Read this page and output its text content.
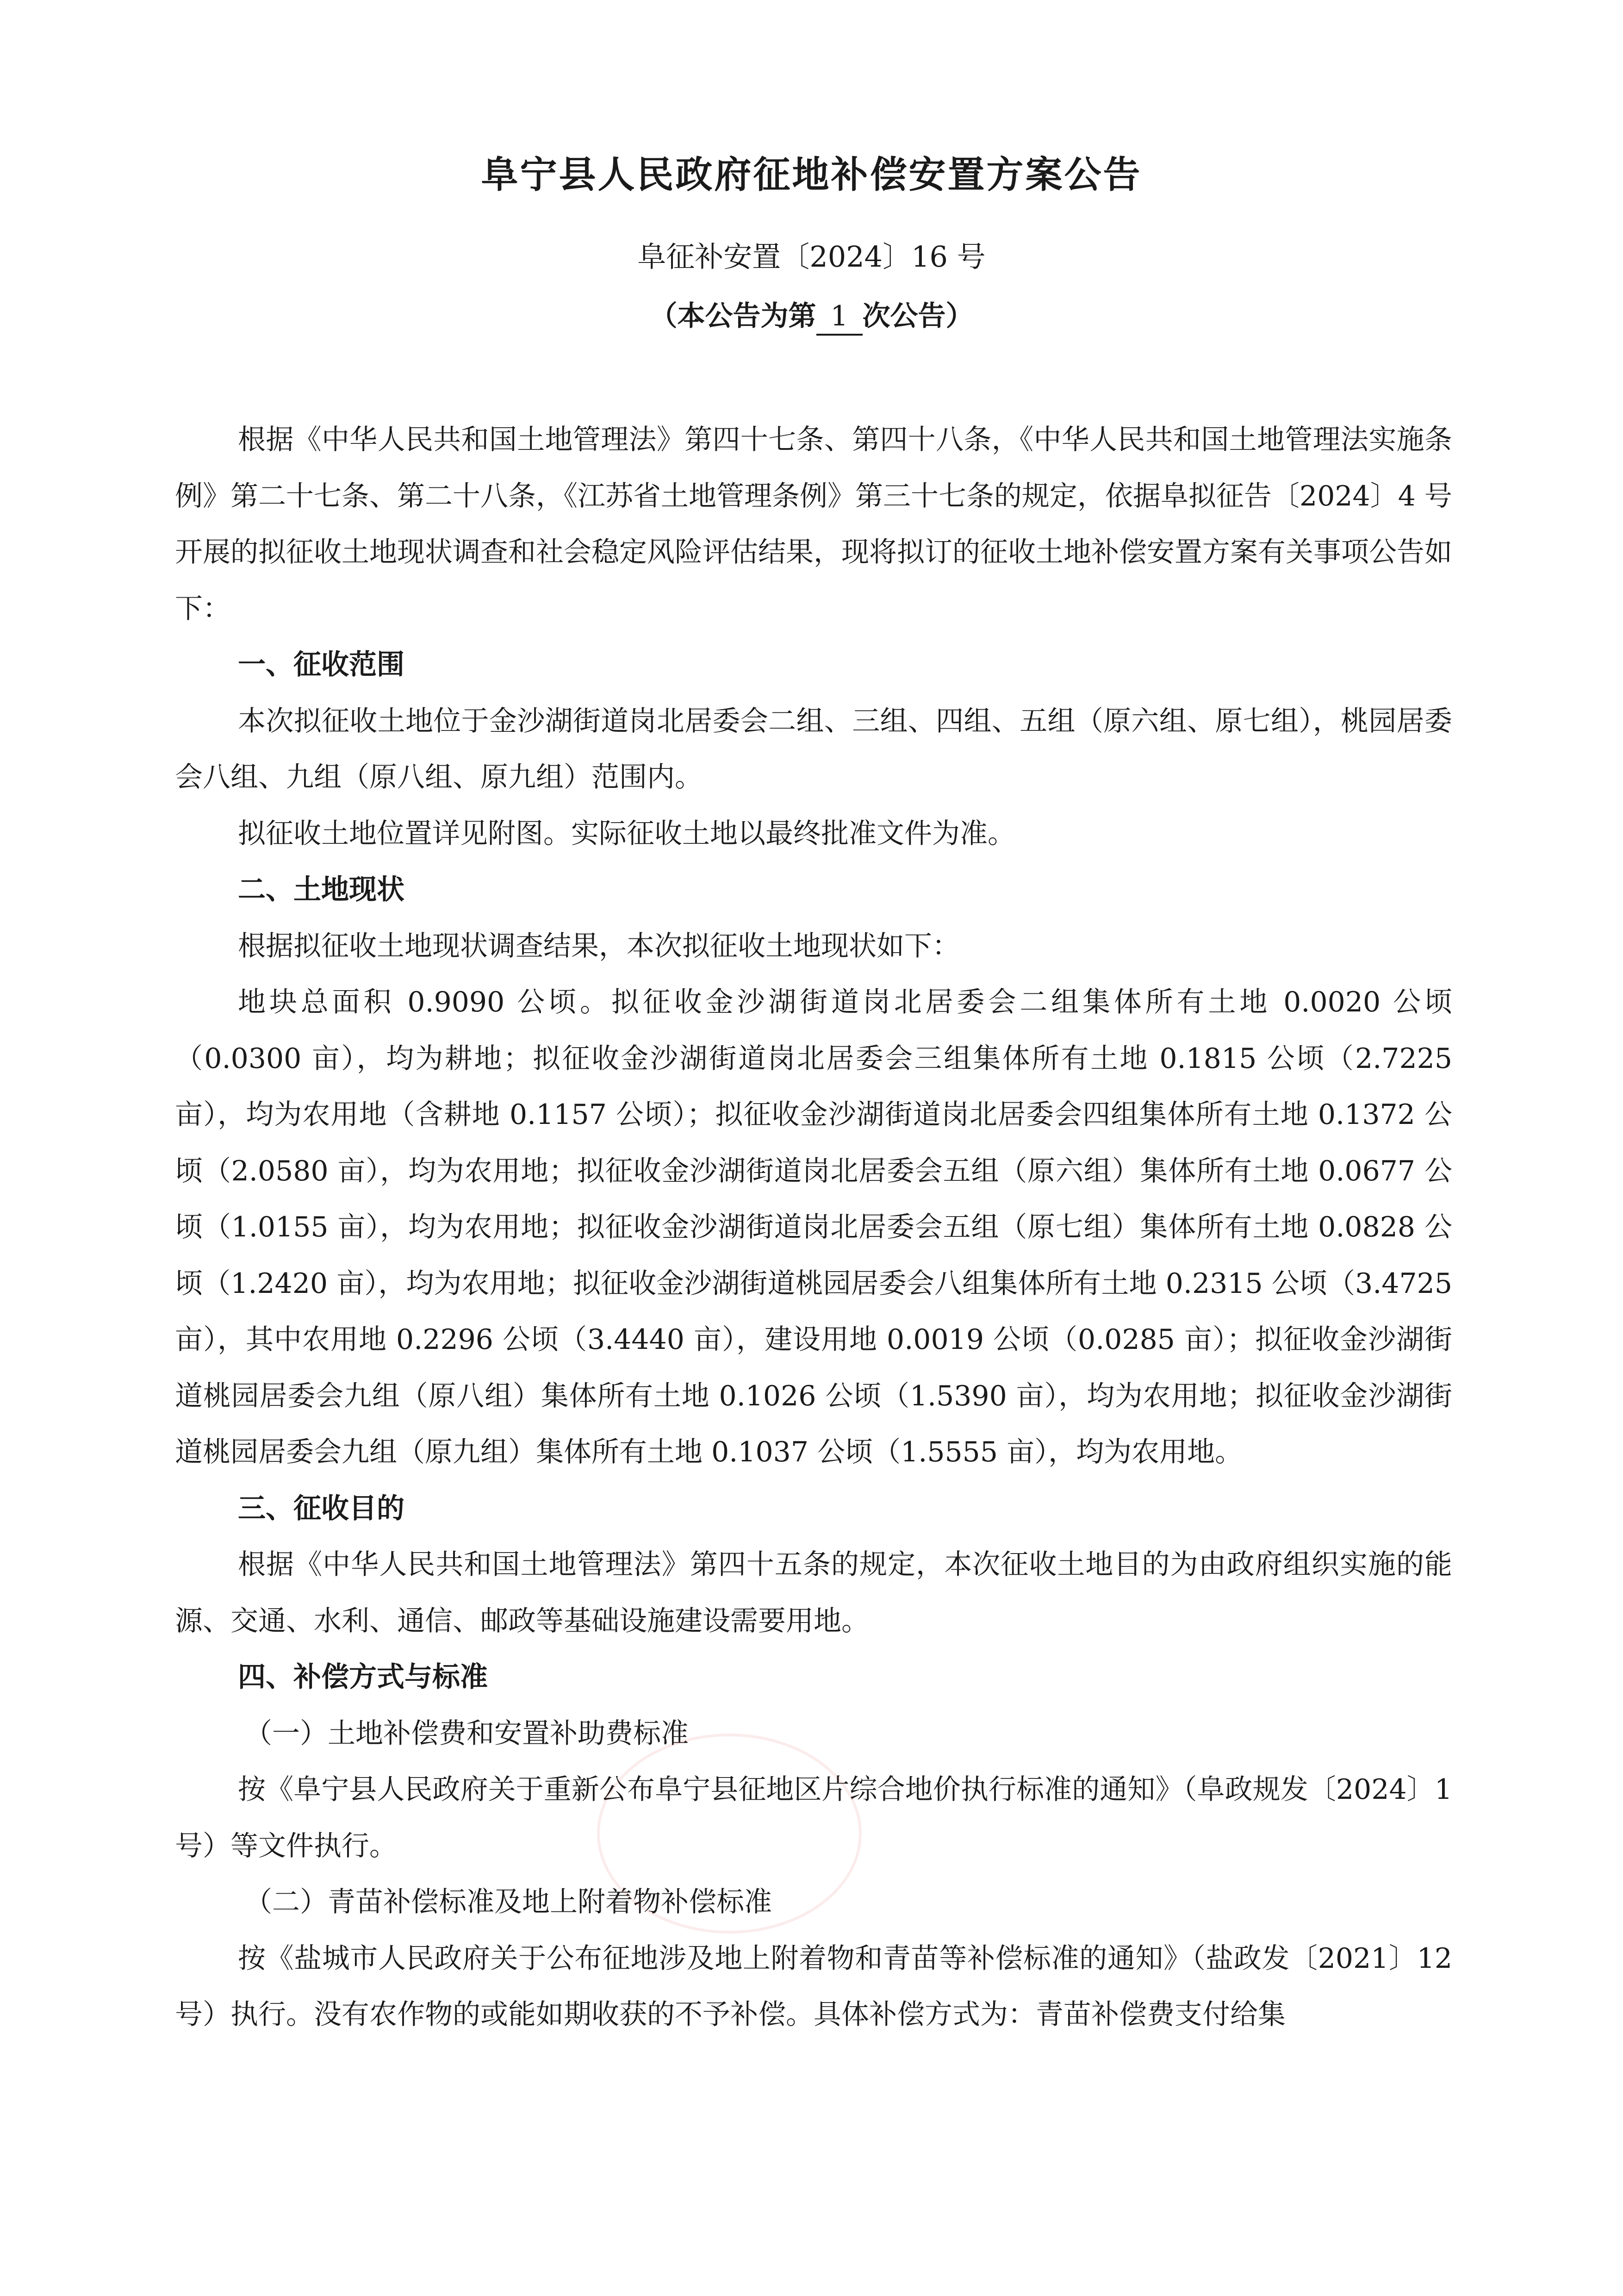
阜宁县人民政府征地补偿安置方案公告
阜征补安置〔2024〕16 号
（本公告为第 1 次公告）

根据《中华人民共和国土地管理法》第四十七条、第四十八条，《中华人民共和国土地管理法实施条例》第二十七条、第二十八条，《江苏省土地管理条例》第三十七条的规定，依据阜拟征告〔2024〕4 号开展的拟征收土地现状调查和社会稳定风险评估结果，现将拟订的征收土地补偿安置方案有关事项公告如下：

一、征收范围

本次拟征收土地位于金沙湖街道岗北居委会二组、三组、四组、五组（原六组、原七组），桃园居委会八组、九组（原八组、原九组）范围内。

拟征收土地位置详见附图。实际征收土地以最终批准文件为准。

二、土地现状

根据拟征收土地现状调查结果，本次拟征收土地现状如下：

地块总面积 0.9090 公顷。拟征收金沙湖街道岗北居委会二组集体所有土地 0.0020 公顷（0.0300 亩），均为耕地；拟征收金沙湖街道岗北居委会三组集体所有土地 0.1815 公顷（2.7225 亩），均为农用地（含耕地 0.1157 公顷）；拟征收金沙湖街道岗北居委会四组集体所有土地 0.1372 公顷（2.0580 亩），均为农用地；拟征收金沙湖街道岗北居委会五组（原六组）集体所有土地 0.0677 公顷（1.0155 亩），均为农用地；拟征收金沙湖街道岗北居委会五组（原七组）集体所有土地 0.0828 公顷（1.2420 亩），均为农用地；拟征收金沙湖街道桃园居委会八组集体所有土地 0.2315 公顷（3.4725 亩），其中农用地 0.2296 公顷（3.4440 亩），建设用地 0.0019 公顷（0.0285 亩）；拟征收金沙湖街道桃园居委会九组（原八组）集体所有土地 0.1026 公顷（1.5390 亩），均为农用地；拟征收金沙湖街道桃园居委会九组（原九组）集体所有土地 0.1037 公顷（1.5555 亩），均为农用地。

三、征收目的

根据《中华人民共和国土地管理法》第四十五条的规定，本次征收土地目的为由政府组织实施的能源、交通、水利、通信、邮政等基础设施建设需要用地。

四、补偿方式与标准

（一）土地补偿费和安置补助费标准

按《阜宁县人民政府关于重新公布阜宁县征地区片综合地价执行标准的通知》（阜政规发〔2024〕1 号）等文件执行。

（二）青苗补偿标准及地上附着物补偿标准

按《盐城市人民政府关于公布征地涉及地上附着物和青苗等补偿标准的通知》（盐政发〔2021〕12 号）执行。没有农作物的或能如期收获的不予补偿。具体补偿方式为：青苗补偿费支付给集
